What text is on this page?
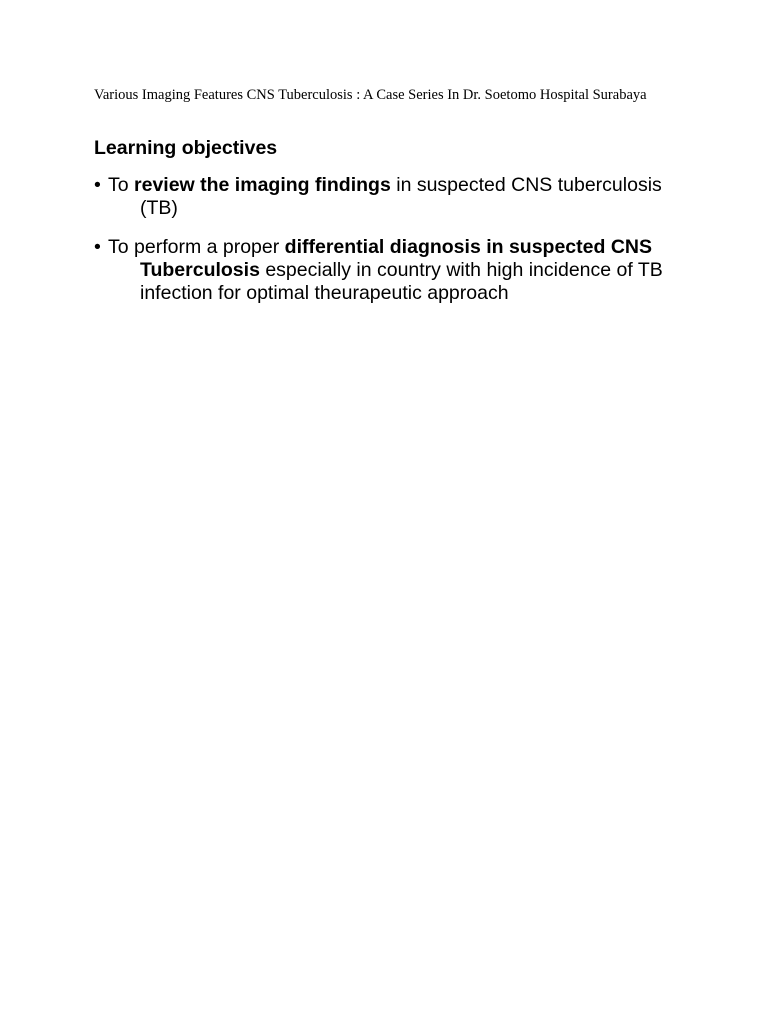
Various Imaging Features CNS Tuberculosis : A Case Series In Dr. Soetomo Hospital Surabaya
Learning objectives
• To review the imaging findings in suspected CNS tuberculosis (TB)
• To perform a proper differential diagnosis in suspected CNS Tuberculosis especially in country with high incidence of TB infection for optimal theurapeutic approach
